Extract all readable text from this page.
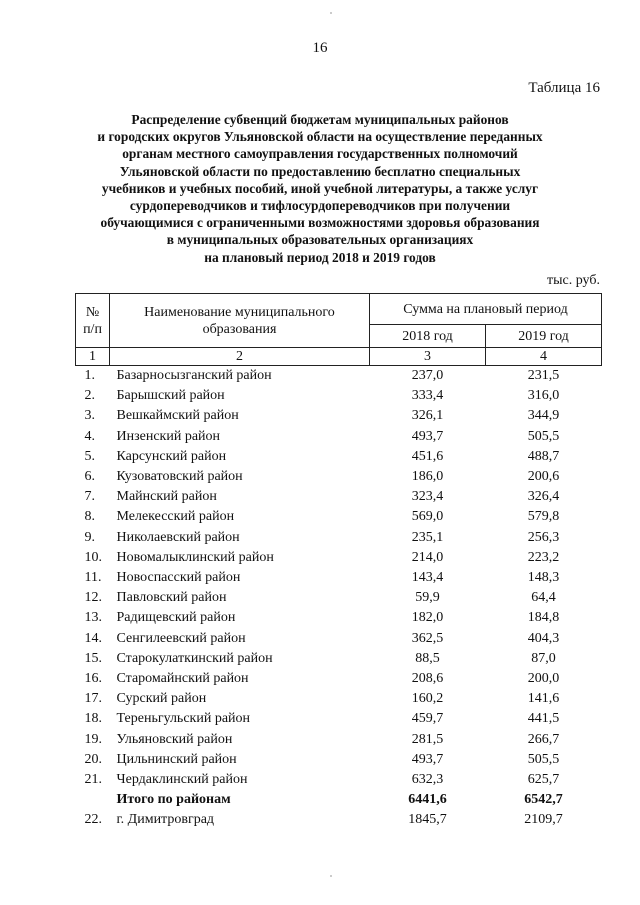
16
Таблица 16
Распределение субвенций бюджетам муниципальных районов
и городских округов Ульяновской области на осуществление переданных
органам местного самоуправления государственных полномочий
Ульяновской области по предоставлению бесплатно специальных
учебников и учебных пособий, иной учебной литературы, а также услуг
сурдопереводчиков и тифлосурдопереводчиков при получении
обучающимися с ограниченными возможностями здоровья образования
в муниципальных образовательных организациях
на плановый период 2018 и 2019 годов
тыс. руб.
№ п/п	Наименование муниципального образования	Сумма на плановый период	
		2018 год	2019 год
1	2	3	4
1.	Базарносызганский район	237,0	231,5
2.	Барышский район	333,4	316,0
3.	Вешкаймский район	326,1	344,9
4.	Инзенский район	493,7	505,5
5.	Карсунский район	451,6	488,7
6.	Кузоватовский район	186,0	200,6
7.	Майнский район	323,4	326,4
8.	Мелекесский район	569,0	579,8
9.	Николаевский район	235,1	256,3
10.	Новомалыклинский район	214,0	223,2
11.	Новоспасский район	143,4	148,3
12.	Павловский район	59,9	64,4
13.	Радищевский район	182,0	184,8
14.	Сенгилеевский район	362,5	404,3
15.	Старокулаткинский район	88,5	87,0
16.	Старомайнский район	208,6	200,0
17.	Сурский район	160,2	141,6
18.	Тереньгульский район	459,7	441,5
19.	Ульяновский район	281,5	266,7
20.	Цильнинский район	493,7	505,5
21.	Чердаклинский район	632,3	625,7
	Итого по районам	6441,6	6542,7
22.	г. Димитровград	1845,7	2109,7
